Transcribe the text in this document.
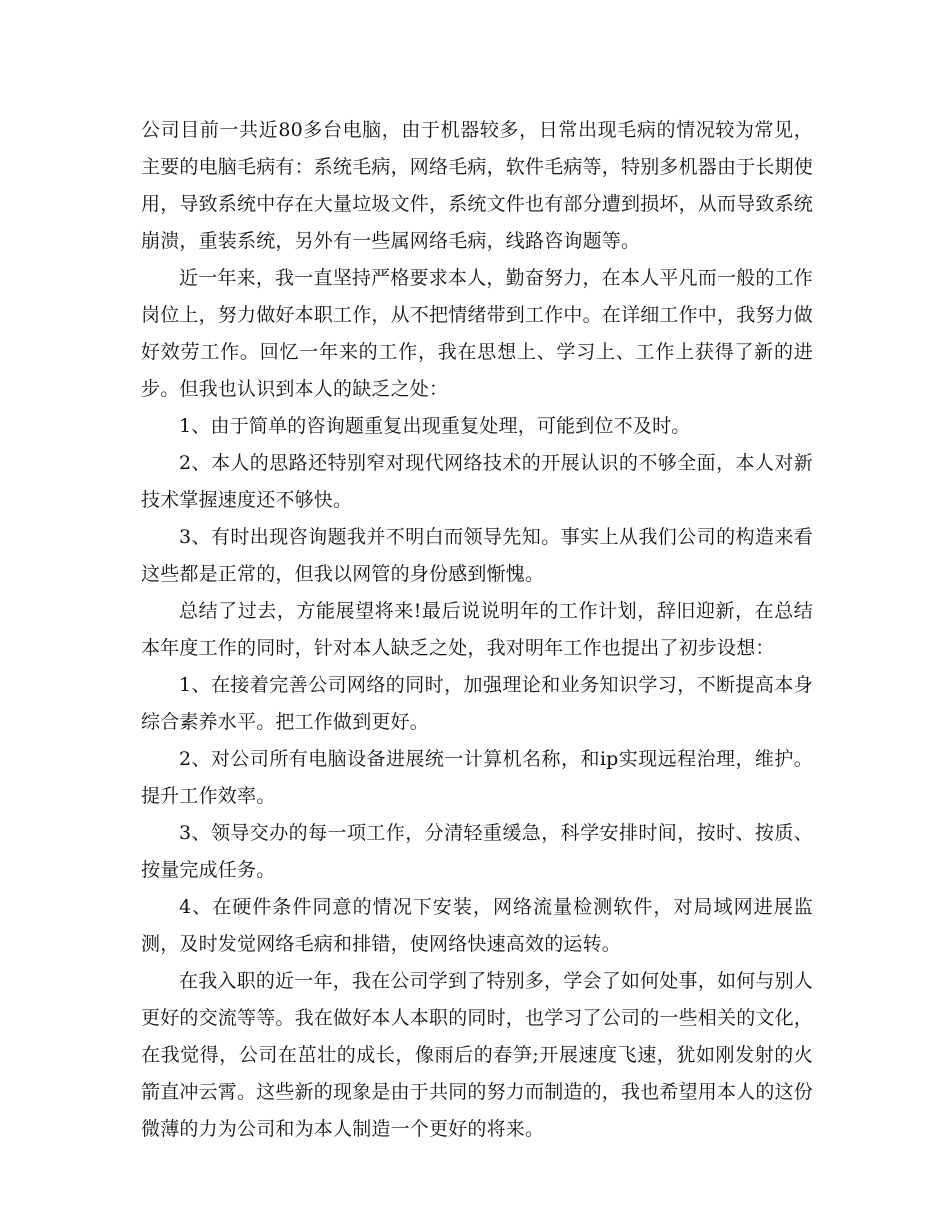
公司目前一共近80多台电脑，由于机器较多，日常出现毛病的情况较为常见，主要的电脑毛病有：系统毛病，网络毛病，软件毛病等，特别多机器由于长期使用，导致系统中存在大量垃圾文件，系统文件也有部分遭到损坏，从而导致系统崩溃，重装系统，另外有一些属网络毛病，线路咨询题等。

近一年来，我一直坚持严格要求本人，勤奋努力，在本人平凡而一般的工作岗位上，努力做好本职工作，从不把情绪带到工作中。在详细工作中，我努力做好效劳工作。回忆一年来的工作，我在思想上、学习上、工作上获得了新的进步。但我也认识到本人的缺乏之处：

1、由于简单的咨询题重复出现重复处理，可能到位不及时。

2、本人的思路还特别窄对现代网络技术的开展认识的不够全面，本人对新技术掌握速度还不够快。

3、有时出现咨询题我并不明白而领导先知。事实上从我们公司的构造来看这些都是正常的，但我以网管的身份感到惭愧。

总结了过去，方能展望将来!最后说说明年的工作计划，辞旧迎新，在总结本年度工作的同时，针对本人缺乏之处，我对明年工作也提出了初步设想：

1、在接着完善公司网络的同时，加强理论和业务知识学习，不断提高本身综合素养水平。把工作做到更好。

2、对公司所有电脑设备进展统一计算机名称，和ip实现远程治理，维护。提升工作效率。

3、领导交办的每一项工作，分清轻重缓急，科学安排时间，按时、按质、按量完成任务。

4、在硬件条件同意的情况下安装，网络流量检测软件，对局域网进展监测，及时发觉网络毛病和排错，使网络快速高效的运转。

在我入职的近一年，我在公司学到了特别多，学会了如何处事，如何与别人更好的交流等等。我在做好本人本职的同时，也学习了公司的一些相关的文化，在我觉得，公司在茁壮的成长，像雨后的春笋;开展速度飞速，犹如刚发射的火箭直冲云霄。这些新的现象是由于共同的努力而制造的，我也希望用本人的这份微薄的力为公司和为本人制造一个更好的将来。
